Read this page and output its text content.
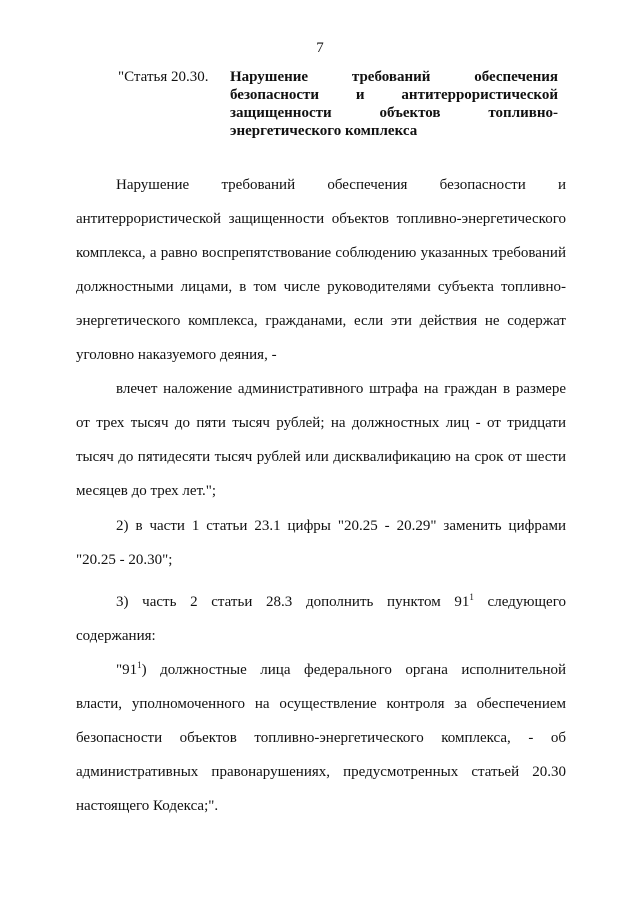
7
"Статья 20.30. Нарушение требований обеспечения безопасности и антитеррористической защищенности объектов топливно-энергетического комплекса

Нарушение требований обеспечения безопасности и антитеррористической защищенности объектов топливно-энергетического комплекса, а равно воспрепятствование соблюдению указанных требований должностными лицами, в том числе руководителями субъекта топливно-энергетического комплекса, гражданами, если эти действия не содержат уголовно наказуемого деяния, -

влечет наложение административного штрафа на граждан в размере от трех тысяч до пяти тысяч рублей; на должностных лиц - от тридцати тысяч до пятидесяти тысяч рублей или дисквалификацию на срок от шести месяцев до трех лет.";

2) в части 1 статьи 23.1 цифры "20.25 - 20.29" заменить цифрами "20.25 - 20.30";

3) часть 2 статьи 28.3 дополнить пунктом $91^1$ следующего содержания:

"$91^1$) должностные лица федерального органа исполнительной власти, уполномоченного на осуществление контроля за обеспечением безопасности объектов топливно-энергетического комплекса, - об административных правонарушениях, предусмотренных статьей 20.30 настоящего Кодекса;".
